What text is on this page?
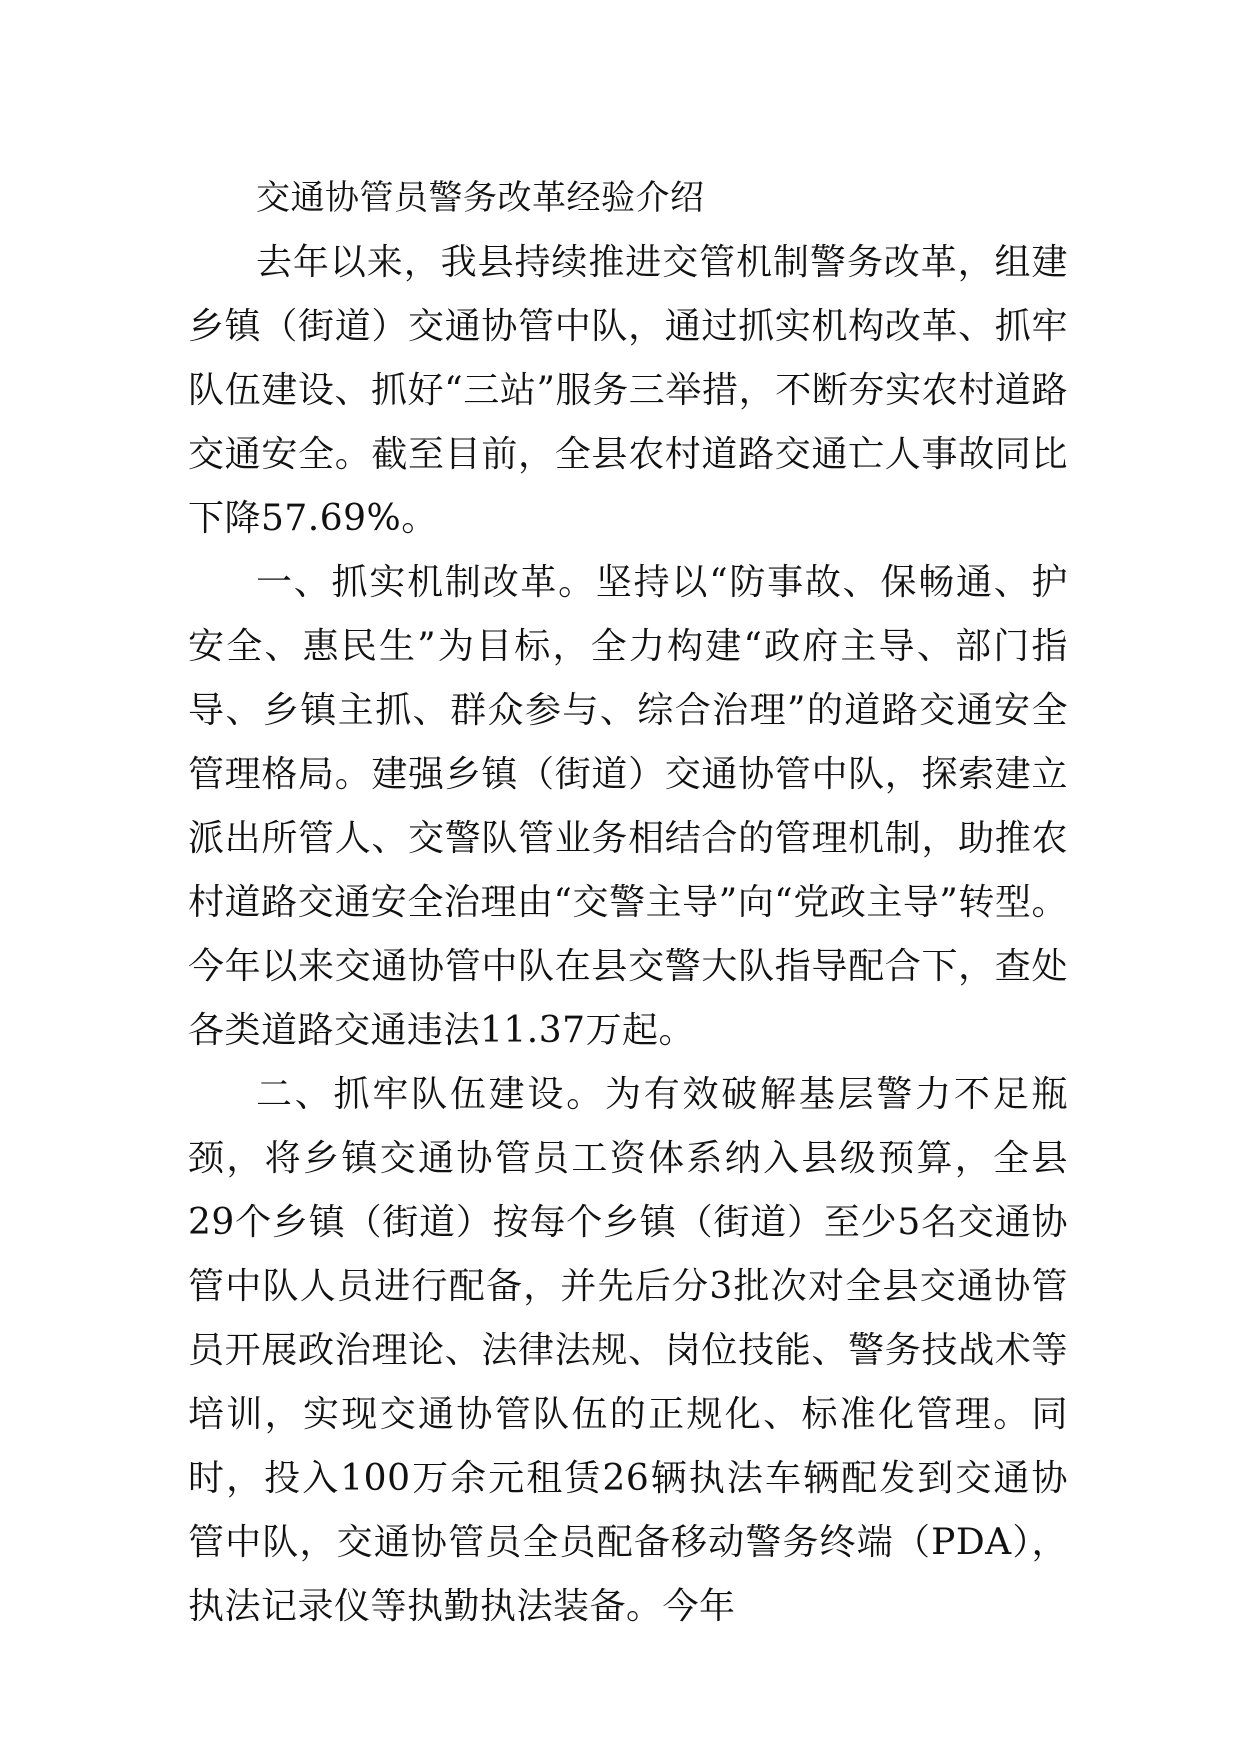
交通协管员警务改革经验介绍

去年以来，我县持续推进交管机制警务改革，组建乡镇（街道）交通协管中队，通过抓实机构改革、抓牢队伍建设、抓好“三站”服务三举措，不断夯实农村道路交通安全。截至目前，全县农村道路交通亡人事故同比下降57.69%。

一、抓实机制改革。坚持以“防事故、保畅通、护安全、惠民生”为目标，全力构建“政府主导、部门指导、乡镇主抓、群众参与、综合治理”的道路交通安全管理格局。建强乡镇（街道）交通协管中队，探索建立派出所管人、交警队管业务相结合的管理机制，助推农村道路交通安全治理由“交警主导”向“党政主导”转型。今年以来交通协管中队在县交警大队指导配合下，查处各类道路交通违法11.37万起。

二、抓牢队伍建设。为有效破解基层警力不足瓶颈，将乡镇交通协管员工资体系纳入县级预算，全县29个乡镇（街道）按每个乡镇（街道）至少5名交通协管中队人员进行配备，并先后分3批次对全县交通协管员开展政治理论、法律法规、岗位技能、警务技战术等培训，实现交通协管队伍的正规化、标准化管理。同时，投入100万余元租赁26辆执法车辆配发到交通协管中队，交通协管员全员配备移动警务终端（PDA），执法记录仪等执勤执法装备。今年
